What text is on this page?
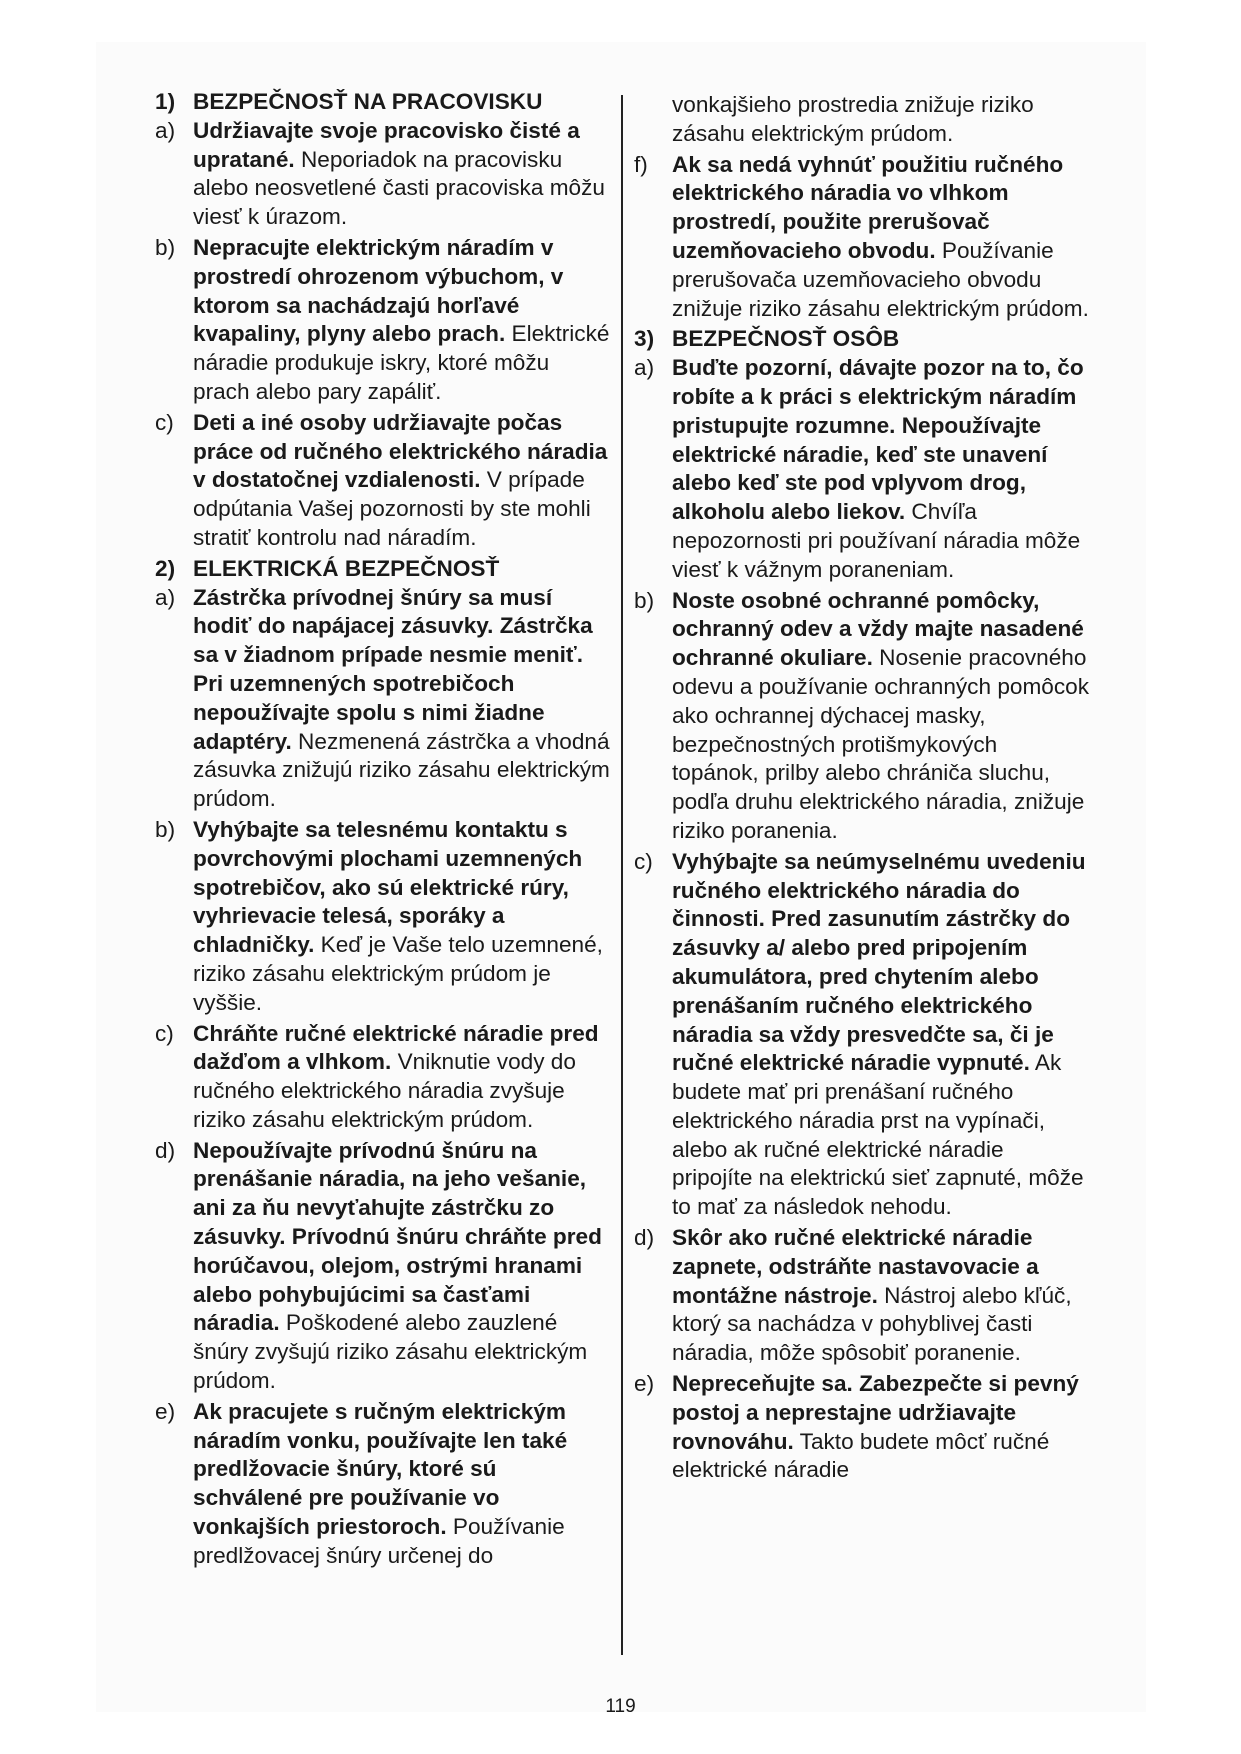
1) BEZPEČNOSŤ NA PRACOVISKU

a) Udržiavajte svoje pracovisko čisté a upratané. Neporiadok na pracovisku alebo neosvetlené časti pracoviska môžu viesť k úrazom.

b) Nepracujte elektrickým náradím v prostredí ohrozenom výbuchom, v ktorom sa nachádzajú horľavé kvapaliny, plyny alebo prach. Elektrické náradie produkuje iskry, ktoré môžu prach alebo pary zapáliť.

c) Deti a iné osoby udržiavajte počas práce od ručného elektrického náradia v dostatočnej vzdialenosti. V prípade odpútania Vašej pozornosti by ste mohli stratiť kontrolu nad náradím.

2) ELEKTRICKÁ BEZPEČNOSŤ

a) Zástrčka prívodnej šnúry sa musí hodiť do napájacej zásuvky. Zástrčka sa v žiadnom prípade nesmie meniť. Pri uzemnených spotrebičoch nepoužívajte spolu s nimi žiadne adaptéry. Nezmenená zástrčka a vhodná zásuvka znižujú riziko zásahu elektrickým prúdom.

b) Vyhýbajte sa telesnému kontaktu s povrchovými plochami uzemnených spotrebičov, ako sú elektrické rúry, vyhrievacie telesá, sporáky a chladničky. Keď je Vaše telo uzemnené, riziko zásahu elektrickým prúdom je vyššie.

c) Chráňte ručné elektrické náradie pred dažďom a vlhkom. Vniknutie vody do ručného elektrického náradia zvyšuje riziko zásahu elektrickým prúdom.

d) Nepoužívajte prívodnú šnúru na prenášanie náradia, na jeho vešanie, ani za ňu nevyťahujte zástrčku zo zásuvky. Prívodnú šnúru chráňte pred horúčavou, olejom, ostrými hranami alebo pohybujúcimi sa časťami náradia. Poškodené alebo zauzlené šnúry zvyšujú riziko zásahu elektrickým prúdom.

e) Ak pracujete s ručným elektrickým náradím vonku, používajte len také predlžovacie šnúry, ktoré sú schválené pre používanie vo vonkajších priestoroch. Používanie predlžovacej šnúry určenej do

vonkajšieho prostredia znižuje riziko zásahu elektrickým prúdom.

f) Ak sa nedá vyhnúť použitiu ručného elektrického náradia vo vlhkom prostredí, použite prerušovač uzemňovacieho obvodu. Používanie prerušovača uzemňovacieho obvodu znižuje riziko zásahu elektrickým prúdom.

3) BEZPEČNOSŤ OSÔB

a) Buďte pozorní, dávajte pozor na to, čo robíte a k práci s elektrickým náradím pristupujte rozumne. Nepoužívajte elektrické náradie, keď ste unavení alebo keď ste pod vplyvom drog, alkoholu alebo liekov. Chvíľa nepozornosti pri používaní náradia môže viesť k vážnym poraneniam.

b) Noste osobné ochranné pomôcky, ochranný odev a vždy majte nasadené ochranné okuliare. Nosenie pracovného odevu a používanie ochranných pomôcok ako ochrannej dýchacej masky, bezpečnostných protišmykových topánok, prilby alebo chrániča sluchu, podľa druhu elektrického náradia, znižuje riziko poranenia.

c) Vyhýbajte sa neúmyselnému uvedeniu ručného elektrického náradia do činnosti. Pred zasunutím zástrčky do zásuvky a/ alebo pred pripojením akumulátora, pred chytením alebo prenášaním ručného elektrického náradia sa vždy presvedčte sa, či je ručné elektrické náradie vypnuté. Ak budete mať pri prenášaní ručného elektrického náradia prst na vypínači, alebo ak ručné elektrické náradie pripojíte na elektrickú sieť zapnuté, môže to mať za následok nehodu.

d) Skôr ako ručné elektrické náradie zapnete, odstráňte nastavovacie a montážne nástroje. Nástroj alebo kľúč, ktorý sa nachádza v pohyblivej časti náradia, môže spôsobiť poranenie.

e) Nepreceňujte sa. Zabezpečte si pevný postoj a neprestajne udržiavajte rovnováhu. Takto budete môcť ručné elektrické náradie

119
